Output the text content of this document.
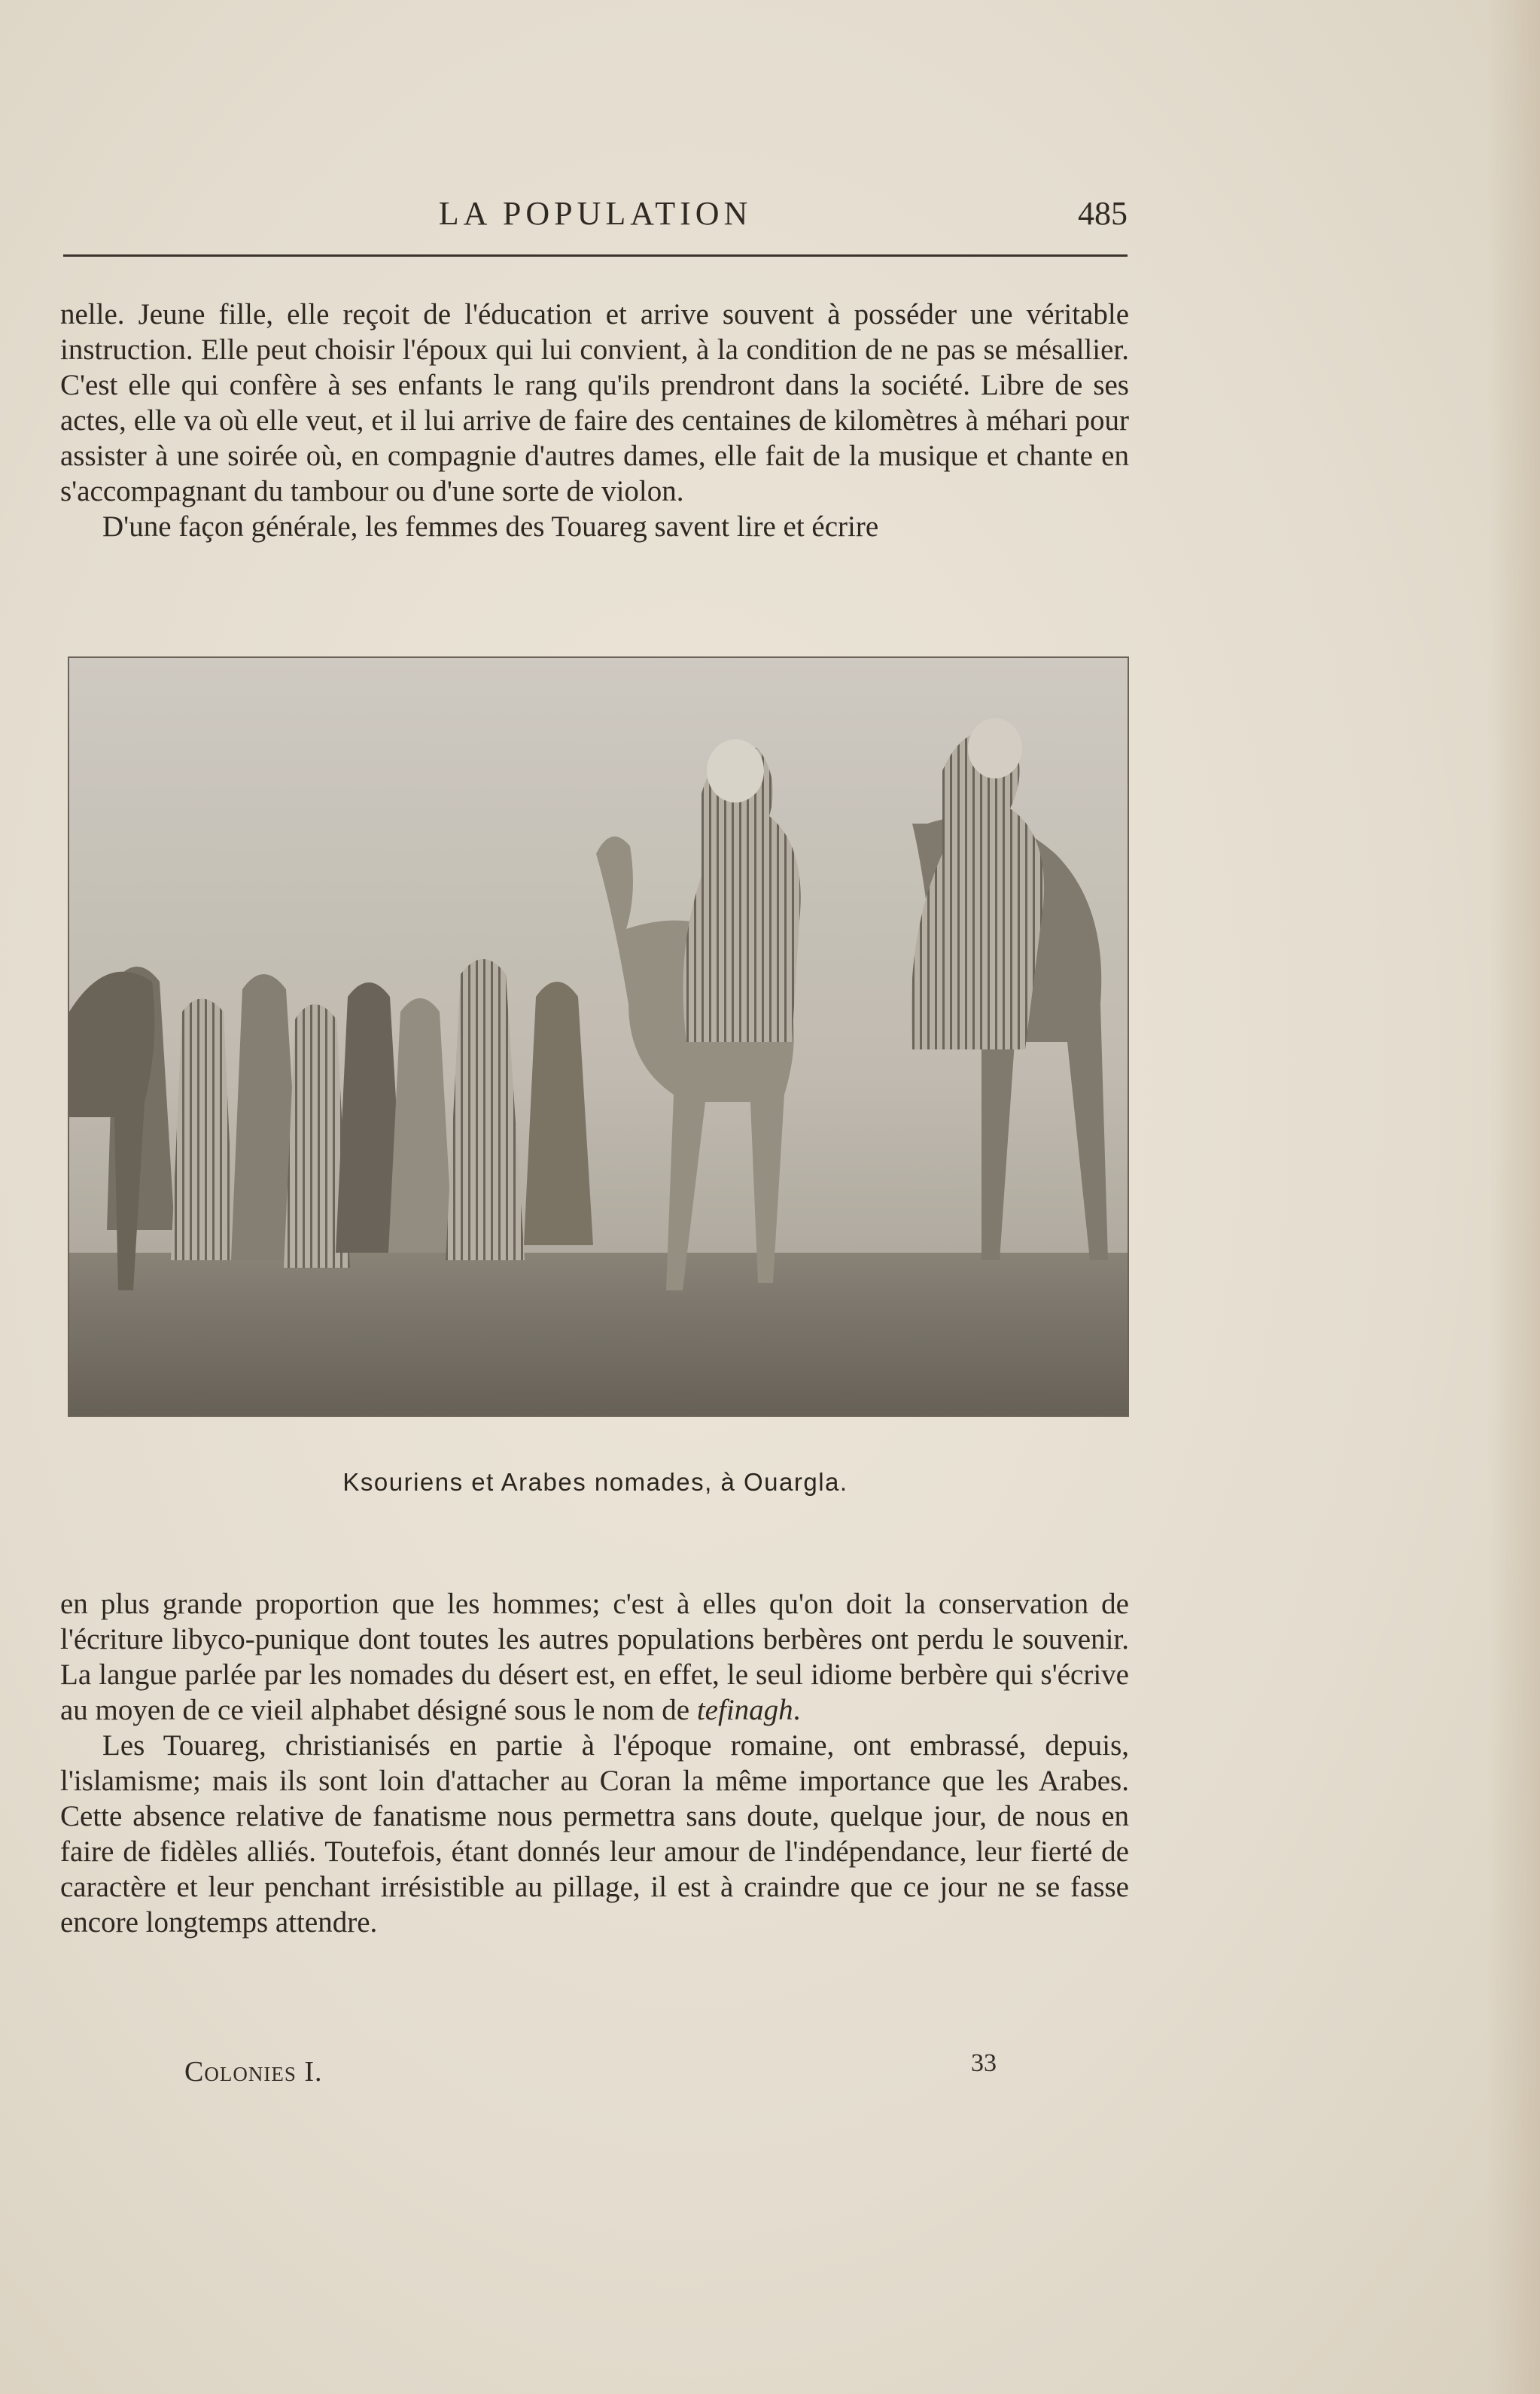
LA POPULATION	485

nelle. Jeune fille, elle reçoit de l'éducation et arrive souvent à posséder une véritable instruction. Elle peut choisir l'époux qui lui convient, à la condition de ne pas se mésallier. C'est elle qui confère à ses enfants le rang qu'ils prendront dans la société. Libre de ses actes, elle va où elle veut, et il lui arrive de faire des centaines de kilomètres à méhari pour assister à une soirée où, en compagnie d'autres dames, elle fait de la musique et chante en s'accompagnant du tambour ou d'une sorte de violon.

D'une façon générale, les femmes des Touareg savent lire et écrire

Ksouriens et Arabes nomades, à Ouargla.

en plus grande proportion que les hommes; c'est à elles qu'on doit la conservation de l'écriture libyco-punique dont toutes les autres populations berbères ont perdu le souvenir. La langue parlée par les nomades du désert est, en effet, le seul idiome berbère qui s'écrive au moyen de ce vieil alphabet désigné sous le nom de tefinagh.

Les Touareg, christianisés en partie à l'époque romaine, ont embrassé, depuis, l'islamisme; mais ils sont loin d'attacher au Coran la même importance que les Arabes. Cette absence relative de fanatisme nous permettra sans doute, quelque jour, de nous en faire de fidèles alliés. Toutefois, étant donnés leur amour de l'indépendance, leur fierté de caractère et leur penchant irrésistible au pillage, il est à craindre que ce jour ne se fasse encore longtemps attendre.

Colonies I.	33
